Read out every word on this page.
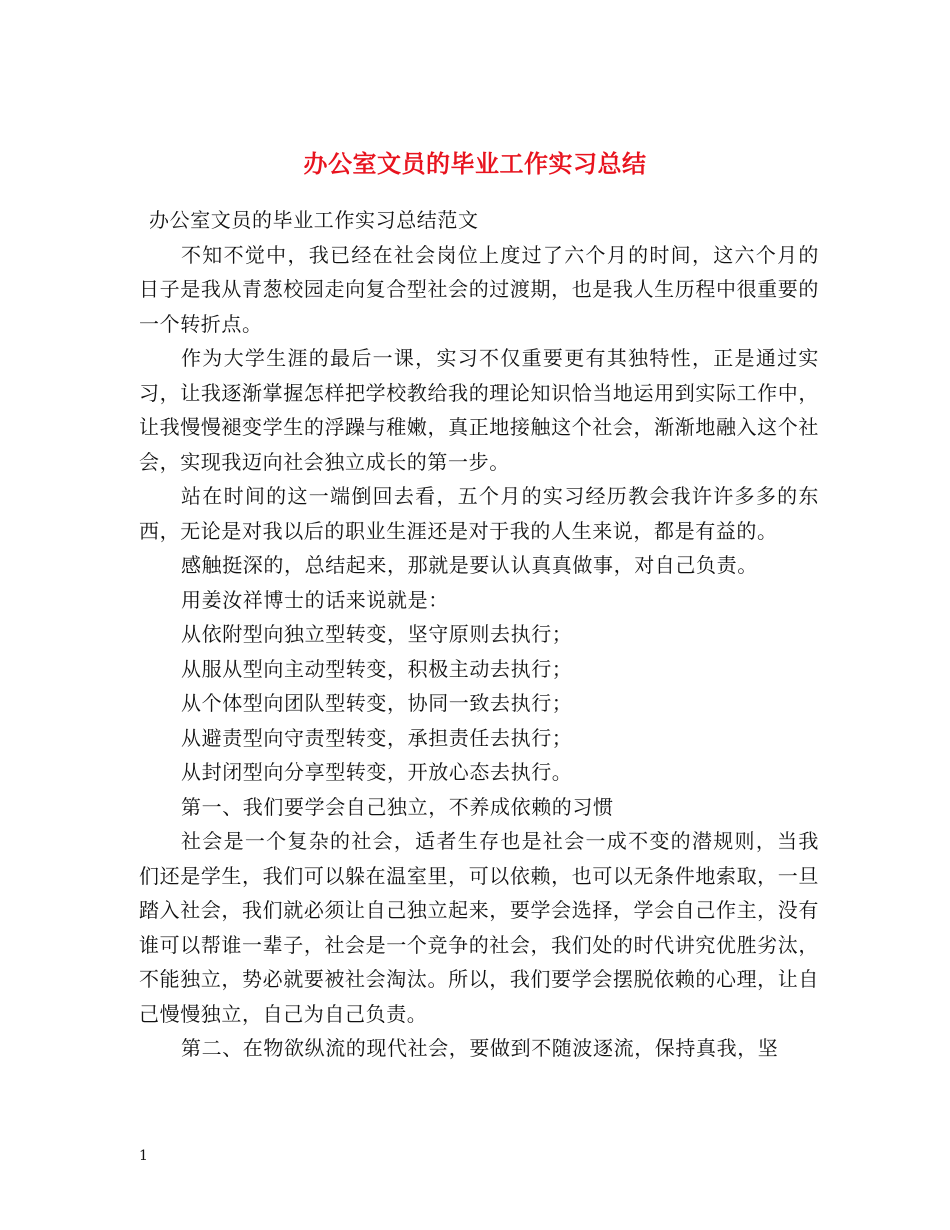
办公室文员的毕业工作实习总结
办公室文员的毕业工作实习总结范文

不知不觉中，我已经在社会岗位上度过了六个月的时间，这六个月的日子是我从青葱校园走向复合型社会的过渡期，也是我人生历程中很重要的一个转折点。

作为大学生涯的最后一课，实习不仅重要更有其独特性，正是通过实习，让我逐渐掌握怎样把学校教给我的理论知识恰当地运用到实际工作中，让我慢慢褪变学生的浮躁与稚嫩，真正地接触这个社会，渐渐地融入这个社会，实现我迈向社会独立成长的第一步。

站在时间的这一端倒回去看，五个月的实习经历教会我许许多多的东西，无论是对我以后的职业生涯还是对于我的人生来说，都是有益的。

感触挺深的，总结起来，那就是要认认真真做事，对自己负责。

用姜汝祥博士的话来说就是：

从依附型向独立型转变，坚守原则去执行；

从服从型向主动型转变，积极主动去执行；

从个体型向团队型转变，协同一致去执行；

从避责型向守责型转变，承担责任去执行；

从封闭型向分享型转变，开放心态去执行。

第一、我们要学会自己独立，不养成依赖的习惯

社会是一个复杂的社会，适者生存也是社会一成不变的潜规则，当我们还是学生，我们可以躲在温室里，可以依赖，也可以无条件地索取，一旦踏入社会，我们就必须让自己独立起来，要学会选择，学会自己作主，没有谁可以帮谁一辈子，社会是一个竞争的社会，我们处的时代讲究优胜劣汰，不能独立，势必就要被社会淘汰。所以，我们要学会摆脱依赖的心理，让自己慢慢独立，自己为自己负责。

第二、在物欲纵流的现代社会，要做到不随波逐流，保持真我，坚

1
